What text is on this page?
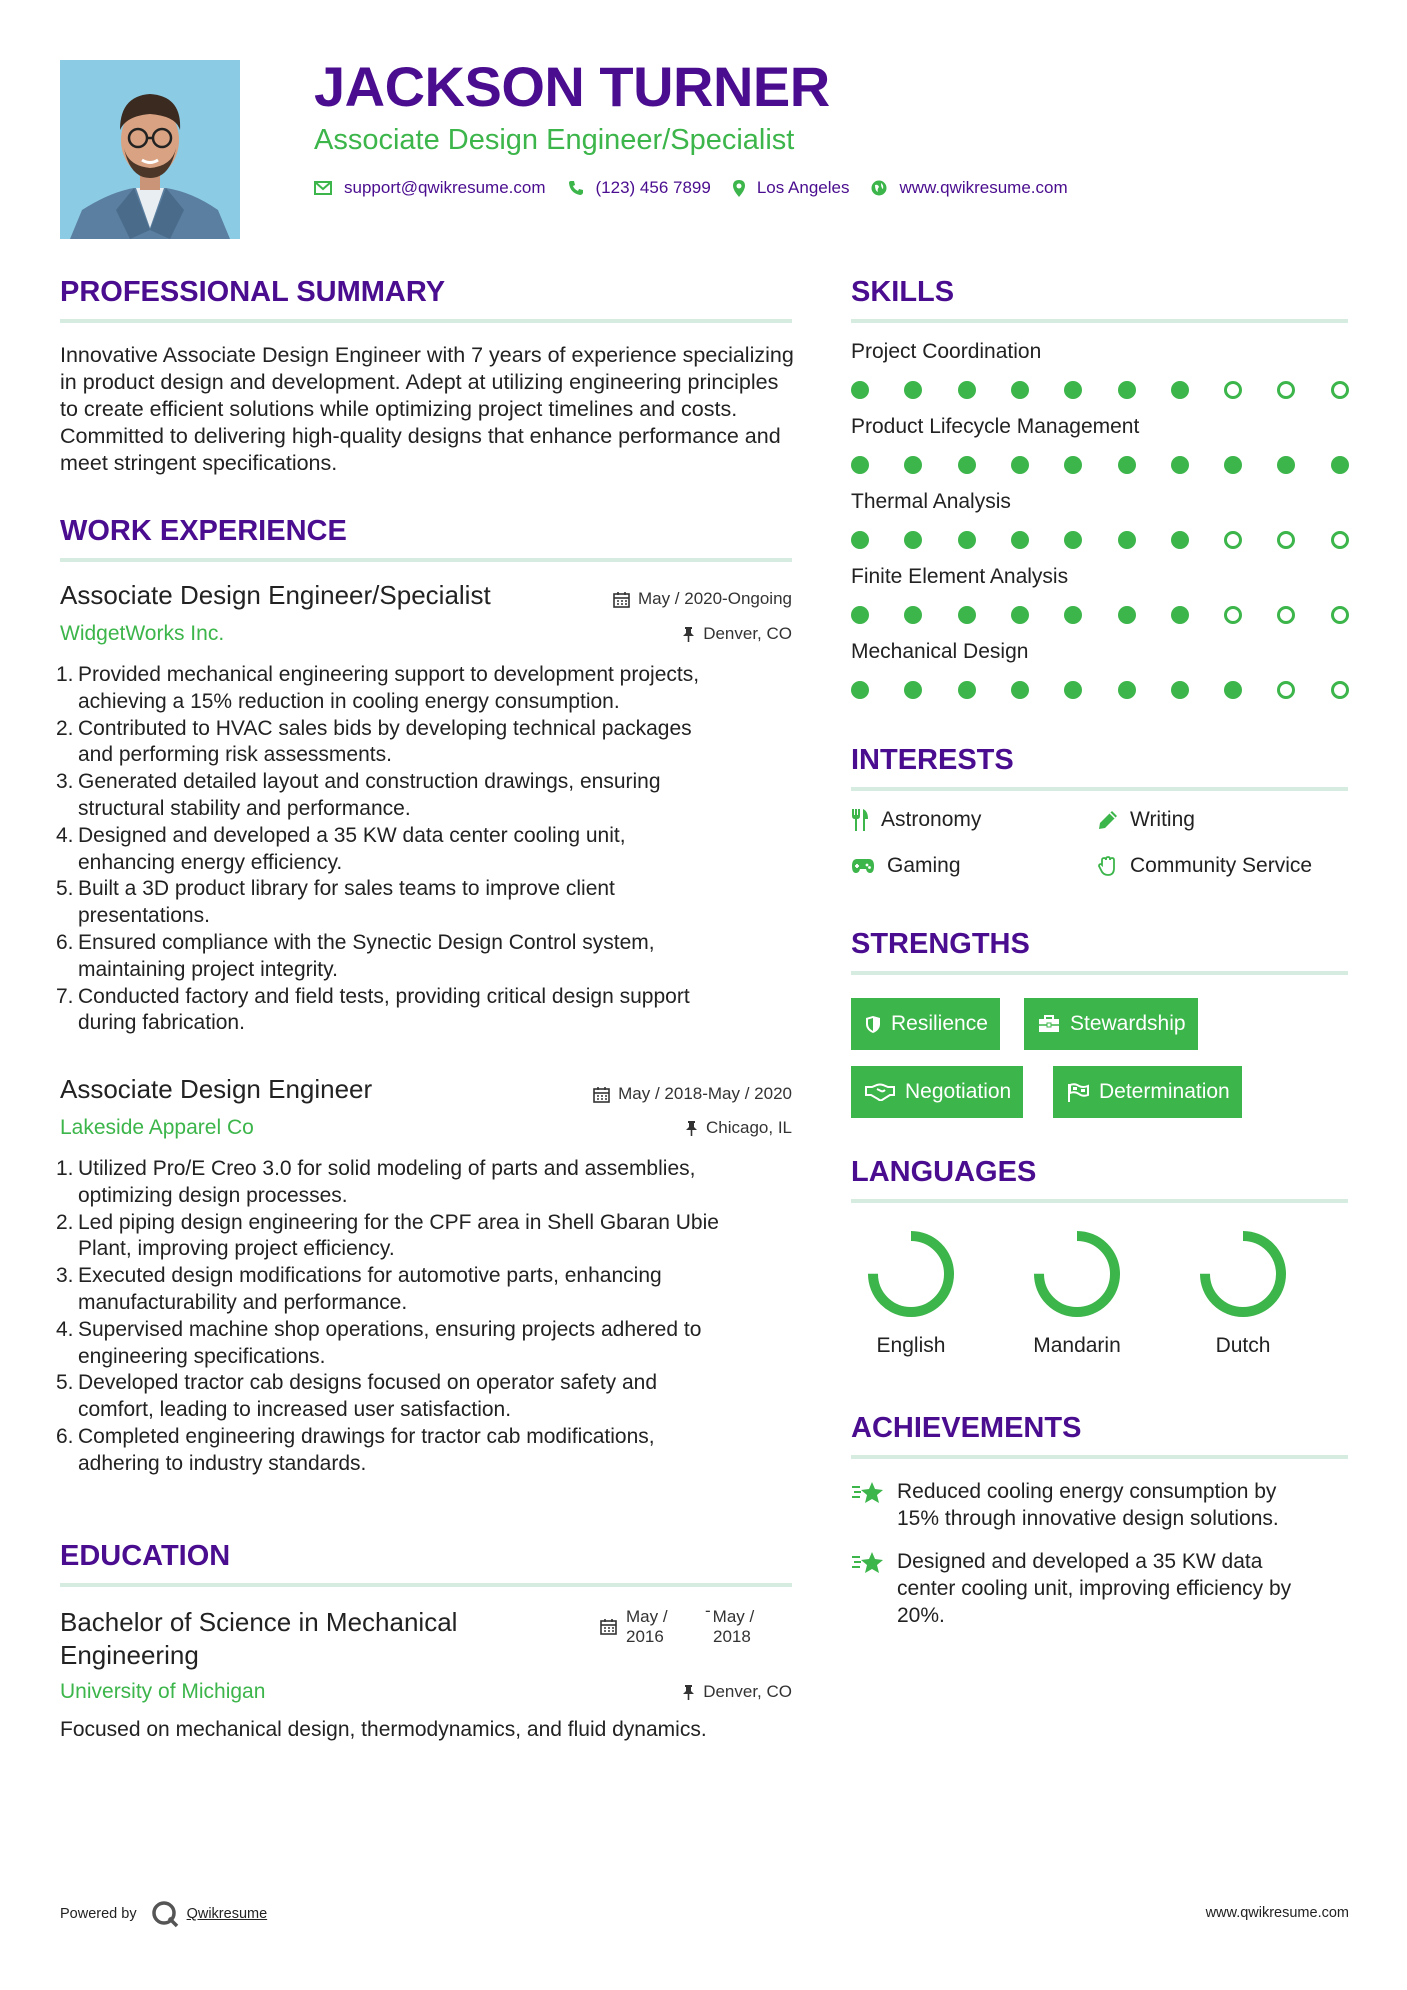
JACKSON TURNER
Associate Design Engineer/Specialist
support@qwikresume.com	(123) 456 7899	Los Angeles	www.qwikresume.com
PROFESSIONAL SUMMARY
Innovative Associate Design Engineer with 7 years of experience specializing in product design and development. Adept at utilizing engineering principles to create efficient solutions while optimizing project timelines and costs. Committed to delivering high-quality designs that enhance performance and meet stringent specifications.
WORK EXPERIENCE
Associate Design Engineer/Specialist	May / 2020-Ongoing
WidgetWorks Inc.	Denver, CO
1. Provided mechanical engineering support to development projects,
achieving a 15% reduction in cooling energy consumption.
2. Contributed to HVAC sales bids by developing technical packages
and performing risk assessments.
3. Generated detailed layout and construction drawings, ensuring
structural stability and performance.
4. Designed and developed a 35 KW data center cooling unit,
enhancing energy efficiency.
5. Built a 3D product library for sales teams to improve client
presentations.
6. Ensured compliance with the Synectic Design Control system,
maintaining project integrity.
7. Conducted factory and field tests, providing critical design support
during fabrication.
Associate Design Engineer	May / 2018-May / 2020
Lakeside Apparel Co	Chicago, IL
1. Utilized Pro/E Creo 3.0 for solid modeling of parts and assemblies,
optimizing design processes.
2. Led piping design engineering for the CPF area in Shell Gbaran Ubie
Plant, improving project efficiency.
3. Executed design modifications for automotive parts, enhancing
manufacturability and performance.
4. Supervised machine shop operations, ensuring projects adhered to
engineering specifications.
5. Developed tractor cab designs focused on operator safety and
comfort, leading to increased user satisfaction.
6. Completed engineering drawings for tractor cab modifications,
adhering to industry standards.
EDUCATION
Bachelor of Science in Mechanical
Engineering
May /
2016
- May /
2018
University of Michigan	Denver, CO
Focused on mechanical design, thermodynamics, and fluid dynamics.
SKILLS
Project Coordination
Product Lifecycle Management
Thermal Analysis
Finite Element Analysis
Mechanical Design
INTERESTS
Astronomy	Writing
Gaming	Community Service
STRENGTHS
Resilience	Stewardship
Negotiation	Determination
LANGUAGES
English	Mandarin	Dutch
ACHIEVEMENTS
Reduced cooling energy consumption by
15% through innovative design solutions.
Designed and developed a 35 KW data
center cooling unit, improving efficiency by
20%.
Powered by	Qwikresume	www.qwikresume.com
